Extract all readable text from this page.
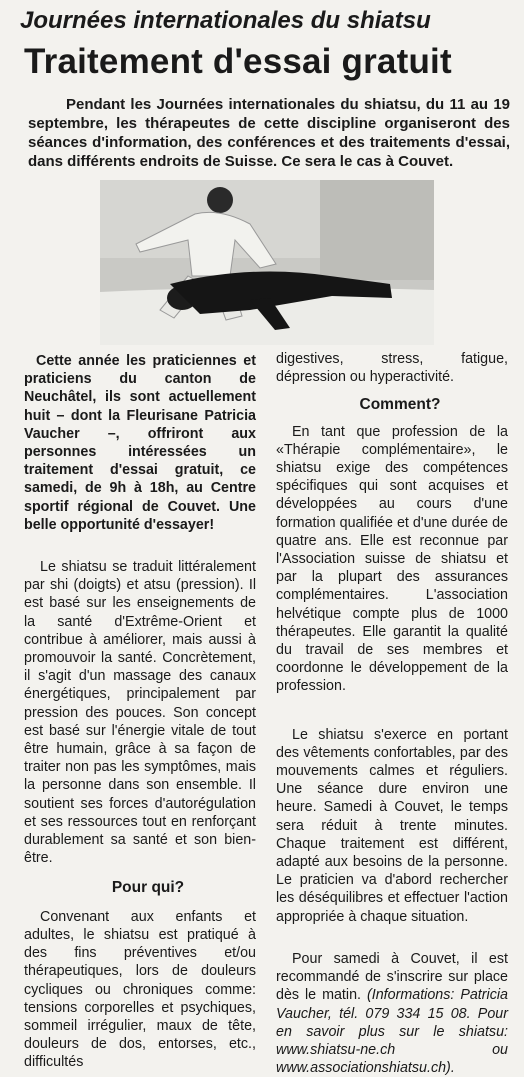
Journées internationales du shiatsu
Traitement d'essai gratuit
Pendant les Journées internationales du shiatsu, du 11 au 19 septembre, les thérapeutes de cette discipline organiseront des séances d'information, des conférences et des traitements d'essai, dans différents endroits de Suisse. Ce sera le cas à Couvet.

Cette année les praticiennes et praticiens du canton de Neuchâtel, ils sont actuellement huit – dont la Fleurisane Patricia Vaucher –, offriront aux personnes intéressées un traitement d'essai gratuit, ce samedi, de 9h à 18h, au Centre sportif régional de Couvet. Une belle opportunité d'essayer!

Le shiatsu se traduit littéralement par shi (doigts) et atsu (pression). Il est basé sur les enseignements de la santé d'Extrême-Orient et contribue à améliorer, mais aussi à promouvoir la santé. Concrètement, il s'agit d'un massage des canaux énergétiques, principalement par pression des pouces. Son concept est basé sur l'énergie vitale de tout être humain, grâce à sa façon de traiter non pas les symptômes, mais la personne dans son ensemble. Il soutient ses forces d'autorégulation et ses ressources tout en renforçant durablement sa santé et son bien-être.

Pour qui?

Convenant aux enfants et adultes, le shiatsu est pratiqué à des fins préventives et/ou thérapeutiques, lors de douleurs cycliques ou chroniques comme: tensions corporelles et psychiques, sommeil irrégulier, maux de tête, douleurs de dos, entorses, etc., difficultés

digestives, stress, fatigue, dépression ou hyperactivité.

Comment?

En tant que profession de la «Thérapie complémentaire», le shiatsu exige des compétences spécifiques qui sont acquises et développées au cours d'une formation qualifiée et d'une durée de quatre ans. Elle est reconnue par l'Association suisse de shiatsu et par la plupart des assurances complémentaires. L'association helvétique compte plus de 1000 thérapeutes. Elle garantit la qualité du travail de ses membres et coordonne le développement de la profession.

Le shiatsu s'exerce en portant des vêtements confortables, par des mouvements calmes et réguliers. Une séance dure environ une heure. Samedi à Couvet, le temps sera réduit à trente minutes. Chaque traitement est différent, adapté aux besoins de la personne. Le praticien va d'abord rechercher les déséquilibres et effectuer l'action appropriée à chaque situation.

Pour samedi à Couvet, il est recommandé de s'inscrire sur place dès le matin. (Informations: Patricia Vaucher, tél. 079 334 15 08. Pour en savoir plus sur le shiatsu: www.shiatsu-ne.ch ou www.associationshiatsu.ch).
